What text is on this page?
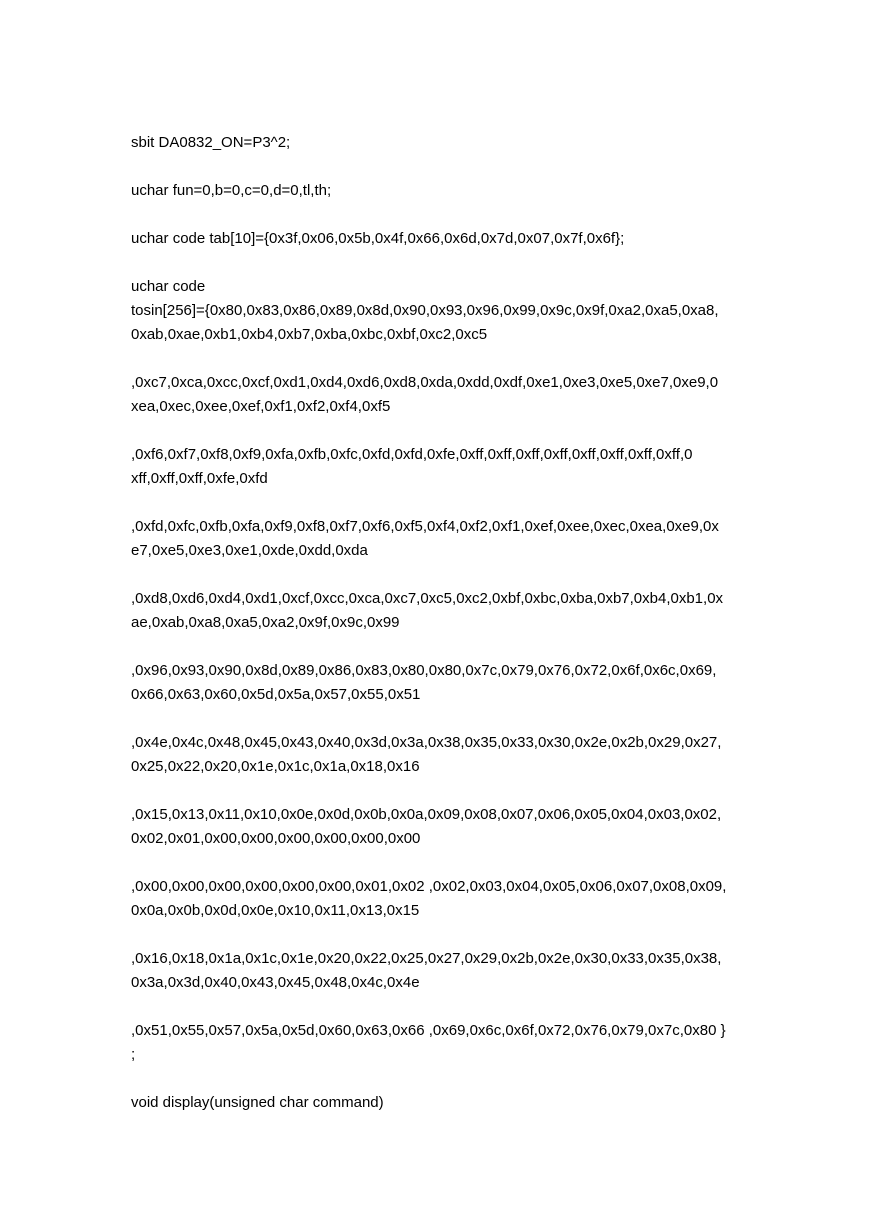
sbit DA0832_ON=P3^2;
uchar fun=0,b=0,c=0,d=0,tl,th;
uchar code tab[10]={0x3f,0x06,0x5b,0x4f,0x66,0x6d,0x7d,0x07,0x7f,0x6f};
uchar code
tosin[256]={0x80,0x83,0x86,0x89,0x8d,0x90,0x93,0x96,0x99,0x9c,0x9f,0xa2,0xa5,0xa8,
0xab,0xae,0xb1,0xb4,0xb7,0xba,0xbc,0xbf,0xc2,0xc5
,0xc7,0xca,0xcc,0xcf,0xd1,0xd4,0xd6,0xd8,0xda,0xdd,0xdf,0xe1,0xe3,0xe5,0xe7,0xe9,0
xea,0xec,0xee,0xef,0xf1,0xf2,0xf4,0xf5
,0xf6,0xf7,0xf8,0xf9,0xfa,0xfb,0xfc,0xfd,0xfd,0xfe,0xff,0xff,0xff,0xff,0xff,0xff,0xff,0xff,0
xff,0xff,0xff,0xfe,0xfd
,0xfd,0xfc,0xfb,0xfa,0xf9,0xf8,0xf7,0xf6,0xf5,0xf4,0xf2,0xf1,0xef,0xee,0xec,0xea,0xe9,0x
e7,0xe5,0xe3,0xe1,0xde,0xdd,0xda
,0xd8,0xd6,0xd4,0xd1,0xcf,0xcc,0xca,0xc7,0xc5,0xc2,0xbf,0xbc,0xba,0xb7,0xb4,0xb1,0x
ae,0xab,0xa8,0xa5,0xa2,0x9f,0x9c,0x99
,0x96,0x93,0x90,0x8d,0x89,0x86,0x83,0x80,0x80,0x7c,0x79,0x76,0x72,0x6f,0x6c,0x69,
0x66,0x63,0x60,0x5d,0x5a,0x57,0x55,0x51
,0x4e,0x4c,0x48,0x45,0x43,0x40,0x3d,0x3a,0x38,0x35,0x33,0x30,0x2e,0x2b,0x29,0x27,
0x25,0x22,0x20,0x1e,0x1c,0x1a,0x18,0x16
,0x15,0x13,0x11,0x10,0x0e,0x0d,0x0b,0x0a,0x09,0x08,0x07,0x06,0x05,0x04,0x03,0x02,
0x02,0x01,0x00,0x00,0x00,0x00,0x00,0x00
,0x00,0x00,0x00,0x00,0x00,0x00,0x01,0x02 ,0x02,0x03,0x04,0x05,0x06,0x07,0x08,0x09,
0x0a,0x0b,0x0d,0x0e,0x10,0x11,0x13,0x15
,0x16,0x18,0x1a,0x1c,0x1e,0x20,0x22,0x25,0x27,0x29,0x2b,0x2e,0x30,0x33,0x35,0x38,
0x3a,0x3d,0x40,0x43,0x45,0x48,0x4c,0x4e
,0x51,0x55,0x57,0x5a,0x5d,0x60,0x63,0x66 ,0x69,0x6c,0x6f,0x72,0x76,0x79,0x7c,0x80 }
;
void display(unsigned char command)
